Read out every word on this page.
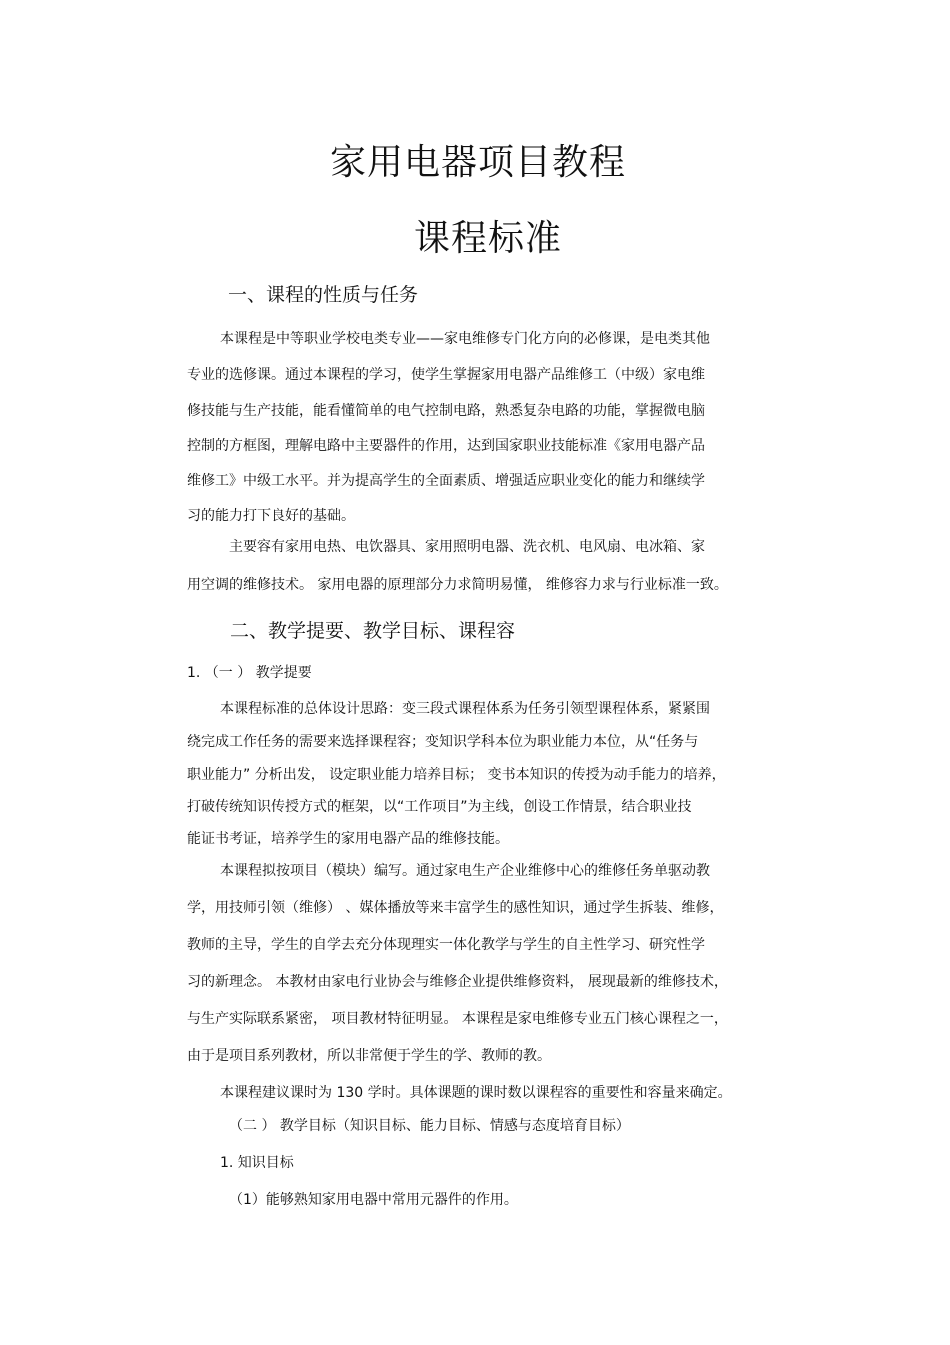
家用电器项目教程
课程标准
一、课程的性质与任务
本课程是中等职业学校电类专业——家电维修专门化方向的必修课，是电类其他
专业的选修课。通过本课程的学习，使学生掌握家用电器产品维修工（中级）家电维
修技能与生产技能，能看懂简单的电气控制电路，熟悉复杂电路的功能，掌握微电脑
控制的方框图，理解电路中主要器件的作用，达到国家职业技能标准《家用电器产品
维修工》中级工水平。并为提高学生的全面素质、增强适应职业变化的能力和继续学
习的能力打下良好的基础。
主要容有家用电热、电饮器具、家用照明电器、洗衣机、电风扇、电冰箱、家
用空调的维修技术。 家用电器的原理部分力求简明易懂， 维修容力求与行业标准一致。
二、教学提要、教学目标、课程容
1. （一 ） 教学提要
本课程标准的总体设计思路：变三段式课程体系为任务引领型课程体系，紧紧围
绕完成工作任务的需要来选择课程容；变知识学科本位为职业能力本位，从“任务与
职业能力” 分析出发， 设定职业能力培养目标； 变书本知识的传授为动手能力的培养，
打破传统知识传授方式的框架，以“工作项目”为主线，创设工作情景，结合职业技
能证书考证，培养学生的家用电器产品的维修技能。
本课程拟按项目（模块）编写。通过家电生产企业维修中心的维修任务单驱动教
学，用技师引领（维修） 、媒体播放等来丰富学生的感性知识，通过学生拆装、维修，
教师的主导，学生的自学去充分体现理实一体化教学与学生的自主性学习、研究性学
习的新理念。 本教材由家电行业协会与维修企业提供维修资料， 展现最新的维修技术，
与生产实际联系紧密， 项目教材特征明显。 本课程是家电维修专业五门核心课程之一，
由于是项目系列教材，所以非常便于学生的学、教师的教。
本课程建议课时为 130 学时。具体课题的课时数以课程容的重要性和容量来确定。
（二 ） 教学目标（知识目标、能力目标、情感与态度培育目标）
1. 知识目标
（1）能够熟知家用电器中常用元器件的作用。
